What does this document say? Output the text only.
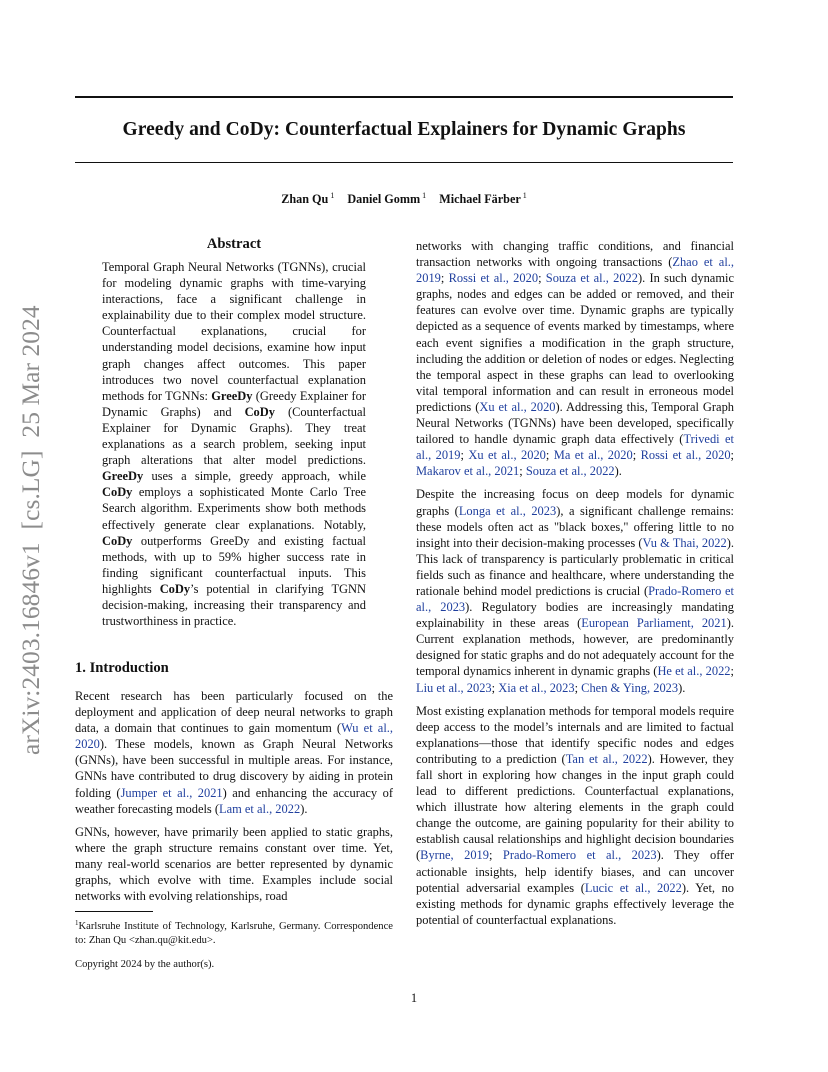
Greedy and CoDy: Counterfactual Explainers for Dynamic Graphs
Zhan Qu $^1$ Daniel Gomm $^1$ Michael Färber $^1$
arXiv:2403.16846v1  [cs.LG]  25 Mar 2024
Abstract
Temporal Graph Neural Networks (TGNNs), crucial for modeling dynamic graphs with time-varying interactions, face a significant challenge in explainability due to their complex model structure. Counterfactual explanations, crucial for understanding model decisions, examine how input graph changes affect outcomes. This paper introduces two novel counterfactual explanation methods for TGNNs: GreeDy (Greedy Explainer for Dynamic Graphs) and CoDy (Counterfactual Explainer for Dynamic Graphs). They treat explanations as a search problem, seeking input graph alterations that alter model predictions. GreeDy uses a simple, greedy approach, while CoDy employs a sophisticated Monte Carlo Tree Search algorithm. Experiments show both methods effectively generate clear explanations. Notably, CoDy outperforms GreeDy and existing factual methods, with up to 59% higher success rate in finding significant counterfactual inputs. This highlights CoDy’s potential in clarifying TGNN decision-making, increasing their transparency and trustworthiness in practice.
1. Introduction

Recent research has been particularly focused on the deployment and application of deep neural networks to graph data, a domain that continues to gain momentum (Wu et al., 2020). These models, known as Graph Neural Networks (GNNs), have been successful in multiple areas. For instance, GNNs have contributed to drug discovery by aiding in protein folding (Jumper et al., 2021) and enhancing the accuracy of weather forecasting models (Lam et al., 2022).

GNNs, however, have primarily been applied to static graphs, where the graph structure remains constant over time. Yet, many real-world scenarios are better represented by dynamic graphs, which evolve with time. Examples include social networks with evolving relationships, road

networks with changing traffic conditions, and financial transaction networks with ongoing transactions (Zhao et al., 2019; Rossi et al., 2020; Souza et al., 2022). In such dynamic graphs, nodes and edges can be added or removed, and their features can evolve over time. Dynamic graphs are typically depicted as a sequence of events marked by timestamps, where each event signifies a modification in the graph structure, including the addition or deletion of nodes or edges. Neglecting the temporal aspect in these graphs can lead to overlooking vital temporal information and can result in erroneous model predictions (Xu et al., 2020). Addressing this, Temporal Graph Neural Networks (TGNNs) have been developed, specifically tailored to handle dynamic graph data effectively (Trivedi et al., 2019; Xu et al., 2020; Ma et al., 2020; Rossi et al., 2020; Makarov et al., 2021; Souza et al., 2022).

Despite the increasing focus on deep models for dynamic graphs (Longa et al., 2023), a significant challenge remains: these models often act as "black boxes," offering little to no insight into their decision-making processes (Vu & Thai, 2022). This lack of transparency is particularly problematic in critical fields such as finance and healthcare, where understanding the rationale behind model predictions is crucial (Prado-Romero et al., 2023). Regulatory bodies are increasingly mandating explainability in these areas (European Parliament, 2021). Current explanation methods, however, are predominantly designed for static graphs and do not adequately account for the temporal dynamics inherent in dynamic graphs (He et al., 2022; Liu et al., 2023; Xia et al., 2023; Chen & Ying, 2023).

Most existing explanation methods for temporal models require deep access to the model’s internals and are limited to factual explanations—those that identify specific nodes and edges contributing to a prediction (Tan et al., 2022). However, they fall short in exploring how changes in the input graph could lead to different predictions. Counterfactual explanations, which illustrate how altering elements in the graph could change the outcome, are gaining popularity for their ability to establish causal relationships and highlight decision boundaries (Byrne, 2019; Prado-Romero et al., 2023). They offer actionable insights, help identify biases, and can uncover potential adversarial examples (Lucic et al., 2022). Yet, no existing methods for dynamic graphs effectively leverage the potential of counterfactual explanations.

$^1$Karlsruhe Institute of Technology, Karlsruhe, Germany. Correspondence to: Zhan Qu <zhan.qu@kit.edu>.
Copyright 2024 by the author(s).
1
